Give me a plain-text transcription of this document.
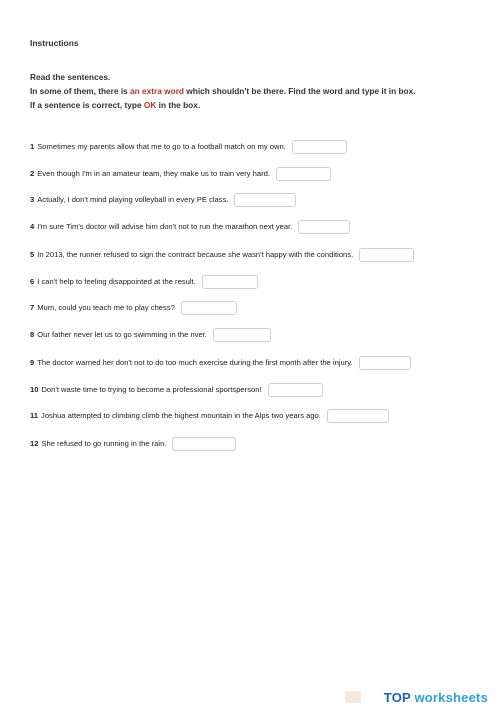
Instructions

Read the sentences.

In some of them, there is an extra word which shouldn't be there. Find the word and type it in box.

If a sentence is correct, type OK in the box.

1 Sometimes my parents allow that me to go to a football match on my own.
2 Even though I'm in an amateur team, they make us to train very hard.
3 Actually, I don't mind playing volleyball in every PE class.
4 I'm sure Tim's doctor will advise him don't not to run the marathon next year.
5 In 2013, the runner refused to sign the contract because she wasn't happy with the conditions.
6 I can't help to feeling disappointed at the result.
7 Mum, could you teach me to play chess?
8 Our father never let us to go swimming in the river.
9 The doctor warned her don't not to do too much exercise during the first month after the injury.
10 Don't waste time to trying to become a professional sportsperson!
11 Joshua attempted to climbing climb the highest mountain in the Alps two years ago.
12 She refused to go running in the rain.
TOP worksheets
